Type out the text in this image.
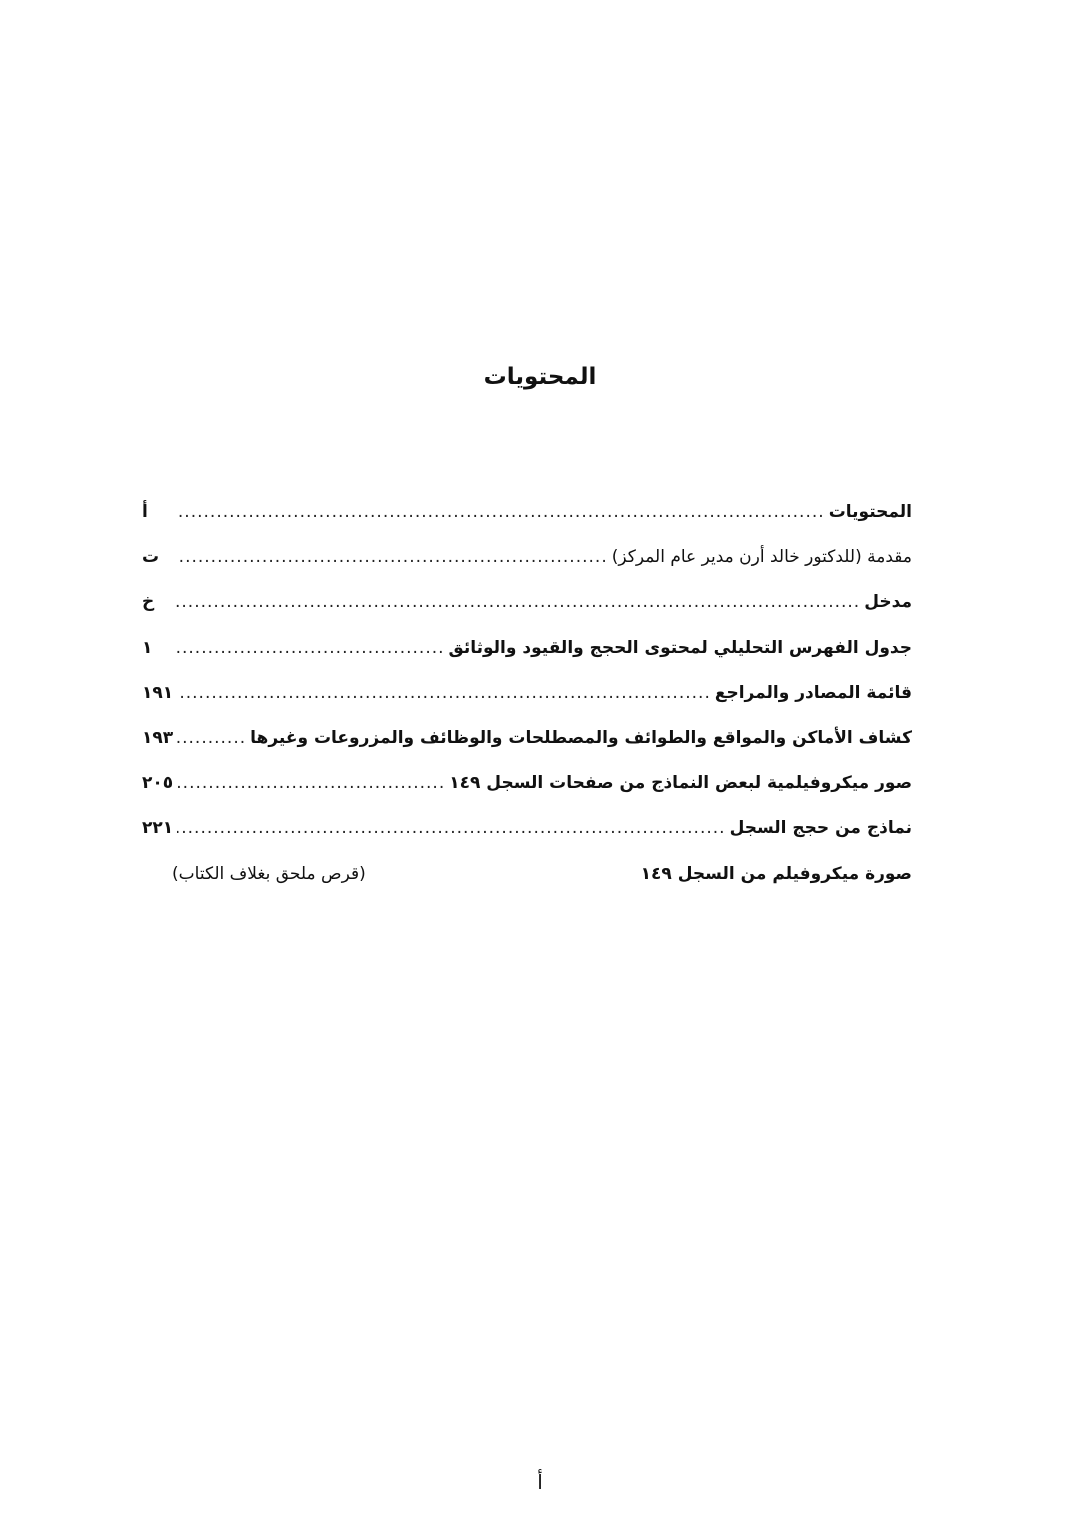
المحتويات
المحتويات
.....
أ
مقدمة (للدكتور خالد أرن مدير عام المركز)
.....
ت
مدخل
.....
خ
جدول الفهرس التحليلي لمحتوى الحجج والقيود والوثائق
.....
١
قائمة المصادر والمراجع
.....
١٩١
كشاف الأماكن والمواقع والطوائف والمصطلحات والوظائف والمزروعات وغيرها
.....
١٩٣
صور ميكروفيلمية لبعض النماذج من صفحات السجل ١٤٩
.....
٢٠٥
نماذج من حجج السجل
.....
٢٢١
صورة ميكروفيلم من السجل ١٤٩
(قرص ملحق بغلاف الكتاب)
أ
